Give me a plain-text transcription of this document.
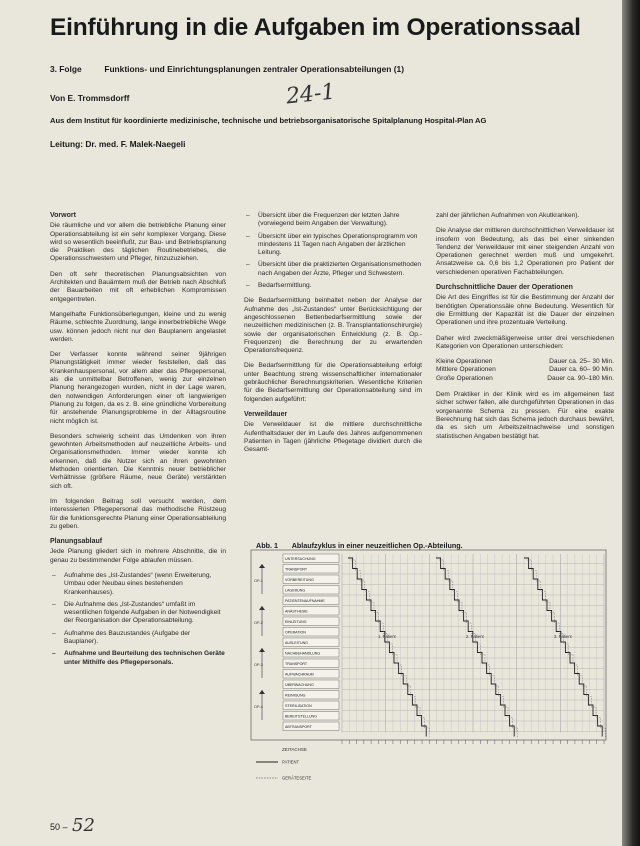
Einführung in die Aufgaben im Operationssaal
3. Folge	Funktions- und Einrichtungsplanungen zentraler Operationsabteilungen (1)
Von E. Trommsdorff	24-1
Aus dem Institut für koordinierte medizinische, technische und betriebsorganisatorische Spitalplanung Hospital-Plan AG
Leitung: Dr. med. F. Malek-Naegeli
Vorwort

Die räumliche und vor allem die betriebliche Planung einer Operationsabteilung ist ein sehr komplexer Vorgang. Diese wird so wesentlich beeinflußt, zur Bau- und Betriebsplanung die Praktiken des täglichen Routinebetriebes, die Operationsschwestern und Pfleger, hinzuzuziehen.

Den oft sehr theoretischen Planungsabsichten von Architekten und Bauämtern muß der Betrieb nach Abschluß der Bauarbeiten mit oft erheblichen Kompromissen entgegentreten.

Mangelhafte Funktionsüberlegungen, kleine und zu wenig Räume, schlechte Zuordnung, lange innerbetriebliche Wege usw. können jedoch nicht nur den Bauplanern angelastet werden.

Der Verfasser konnte während seiner 9jährigen Planungstätigkeit immer wieder feststellen, daß das Krankenhauspersonal, vor allem aber das Pflegepersonal, als die unmittelbar Betroffenen, wenig zur einzelnen Planung herangezogen wurden, nicht in der Lage waren, den notwendigen Anforderungen einer oft langwierigen Planung zu folgen, da es z. B. eine gründliche Vorbereitung für anstehende Planungsprobleme in der Alltagsroutine nicht möglich ist.

Besonders schwierig scheint das Umdenken von ihren gewohnten Arbeitsmethoden auf neuzeitliche Arbeits- und Organisationsmethoden. Immer wieder konnte ich erkennen, daß die Nutzer sich an ihren gewohnten Methoden orientierten. Die Kenntnis neuer betrieblicher Verhältnisse (größere Räume, neue Geräte) verstärkten sich oft.

Im folgenden Beitrag soll versucht werden, dem interessierten Pflegepersonal das methodische Rüstzeug für die funktionsgerechte Planung einer Operationsabteilung zu geben.

Planungsablauf

Jede Planung gliedert sich in mehrere Abschnitte, die in genau zu bestimmender Folge ablaufen müssen.

– Aufnahme des „Ist-Zustandes“ (wenn Erweiterung, Umbau oder Neubau eines bestehenden Krankenhauses).
– Die Aufnahme des „Ist-Zustandes“ umfaßt im wesentlichen folgende Aufgaben in der Notwendigkeit der Reorganisation der Operationsabteilung.
– Aufnahme des Bauzustandes (Aufgabe der Bauplaner).
– Aufnahme und Beurteilung des technischen Geräte unter Mithilfe des Pflegepersonals.
– Übersicht über die Frequenzen der letzten Jahre (vorwiegend beim Angaben der Verwaltung).
– Übersicht über ein typisches Operationsprogramm von mindestens 11 Tagen nach Angaben der ärztlichen Leitung.
– Übersicht über die praktizierten Organisationsmethoden nach Angaben der Ärzte, Pfleger und Schwestern.
– Bedarfsermittlung.

Die Bedarfsermittlung beinhaltet neben der Analyse der Aufnahme des „Ist-Zustandes“ unter Berücksichtigung der angeschlossenen Bettenbedarfsermittlung sowie der neuzeitlichen medizinischen (z. B. Transplantationschirurgie) sowie der organisatorischen Entwicklung (z. B. Op.-Frequenzen) die Berechnung der zu erwartenden Operationsfrequenz.

Die Bedarfsermittlung für die Operationsabteilung erfolgt unter Beachtung streng wissenschaftlicher internationaler gebräuchlicher Berechnungskriterien. Wesentliche Kriterien für die Bedarfsermittlung der Operationsabteilung sind im folgenden aufgeführt:

Verweildauer

Die Verweildauer ist die mittlere durchschnittliche Aufenthaltsdauer der im Laufe des Jahres aufgenommenen Patienten in Tagen (jährliche Pflegetage dividiert durch die Gesamt-

zahl der jährlichen Aufnahmen von Akutkranken).

Die Analyse der mittleren durchschnittlichen Verweildauer ist insofern von Bedeutung, als das bei einer sinkenden Tendenz der Verweildauer mit einer steigenden Anzahl von Operationen gerechnet werden muß und umgekehrt. Ansatzweise ca. 0,6 bis 1,2 Operationen pro Patient der verschiedenen operativen Fachabteilungen.

Durchschnittliche Dauer der Operationen

Die Art des Eingriffes ist für die Bestimmung der Anzahl der benötigten Operationssäle ohne Bedeutung. Wesentlich für die Ermittlung der Kapazität ist die Dauer der einzelnen Operationen und ihre prozentuale Verteilung.

Daher wird zweckmäßigerweise unter drei verschiedenen Kategorien von Operationen unterschieden:

Kleine Operationen	Dauer ca. 25– 30 Min.
Mittlere Operationen	Dauer ca. 60– 90 Min.
Große Operationen	Dauer ca. 90–180 Min.

Dem Praktiker in der Klinik wird es im allgemeinen fast sicher schwer fallen, alle durchgeführten Operationen in das vorgenannte Schema zu pressen. Für eine exakte Berechnung hat sich das Schema jedoch durchaus bewährt, da es sich um Arbeitszeitnachweise und sonstigen statistischen Angaben bestätigt hat.

Abb. 1 Ablaufzyklus in einer neuzeitlichen Op.-Abteilung.
UNTERSUCHUNG
TRANSPORT
VORBEREITUNG
LAGERUNG
PATIENTENAUFNAHME
ANÄSTHESIE
EINLEITUNG
OPERATION
AUSLEITUNG
NACHBEHANDLUNG
TRANSPORT
AUFWACHRAUM
ÜBERWACHUNG
REINIGUNG
STERILISATION
BEREITSTELLUNG
ABTRANSPORT
OP-1
OP-2
OP-3
OP-4
1. Patient	2. Patient	3. Patient
ZEITACHSE
PATIENT
GERÄTESEITE
50 – 52
